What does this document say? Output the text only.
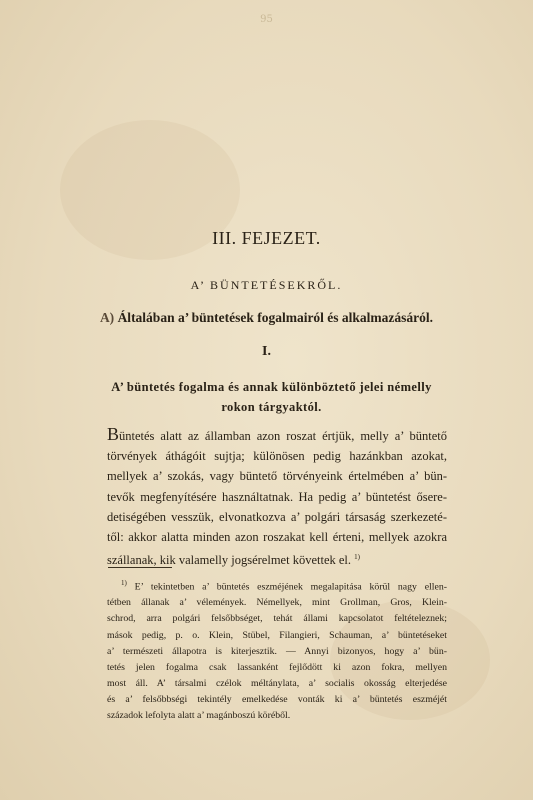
95
III. FEJEZET.
A’ BÜNTETÉSEKRŐL.
A) Általában a’ büntetések fogalmairól és alkalmazásáról.
I.
A’ büntetés fogalma és annak különböztető jelei némelly
rokon tárgyaktól.
Büntetés alatt az államban azon roszat értjük, melly a’ büntető
törvények áthágóit sujtja; különösen pedig hazánkban azokat,
mellyek a’ szokás, vagy büntető törvényeink értelmében a’ bün-
tevők megfenyítésére használtatnak. Ha pedig a’ büntetést ősere-
detiségében vesszük, elvonatkozva a’ polgári társaság szerkezeté-
től: akkor alatta minden azon roszakat kell érteni, mellyek azokra
szállanak, kik valamelly jogsérelmet követtek el. $^{1)}$
$^{1)}$ E’ tekintetben a’ büntetés eszméjének megalapitása körül nagy ellen-
tétben állanak a’ vélemények. Némellyek, mint Grollman, Gros, Klein-
schrod, arra polgári felsőbbséget, tehát állami kapcsolatot feltételeznek;
mások pedig, p. o. Klein, Stübel, Filangieri, Schauman, a’ büntetéseket
a’ természeti állapotra is kiterjesztik. — Annyi bizonyos, hogy a’ bün-
tetés jelen fogalma csak lassanként fejlődött ki azon fokra, mellyen
most áll. A’ társalmi czélok méltánylata, a’ socialis okosság elterjedése
és a’ felsőbbségi tekintély emelkedése vonták ki a’ büntetés eszméjét
századok lefolyta alatt a’ magánboszú köréből.
